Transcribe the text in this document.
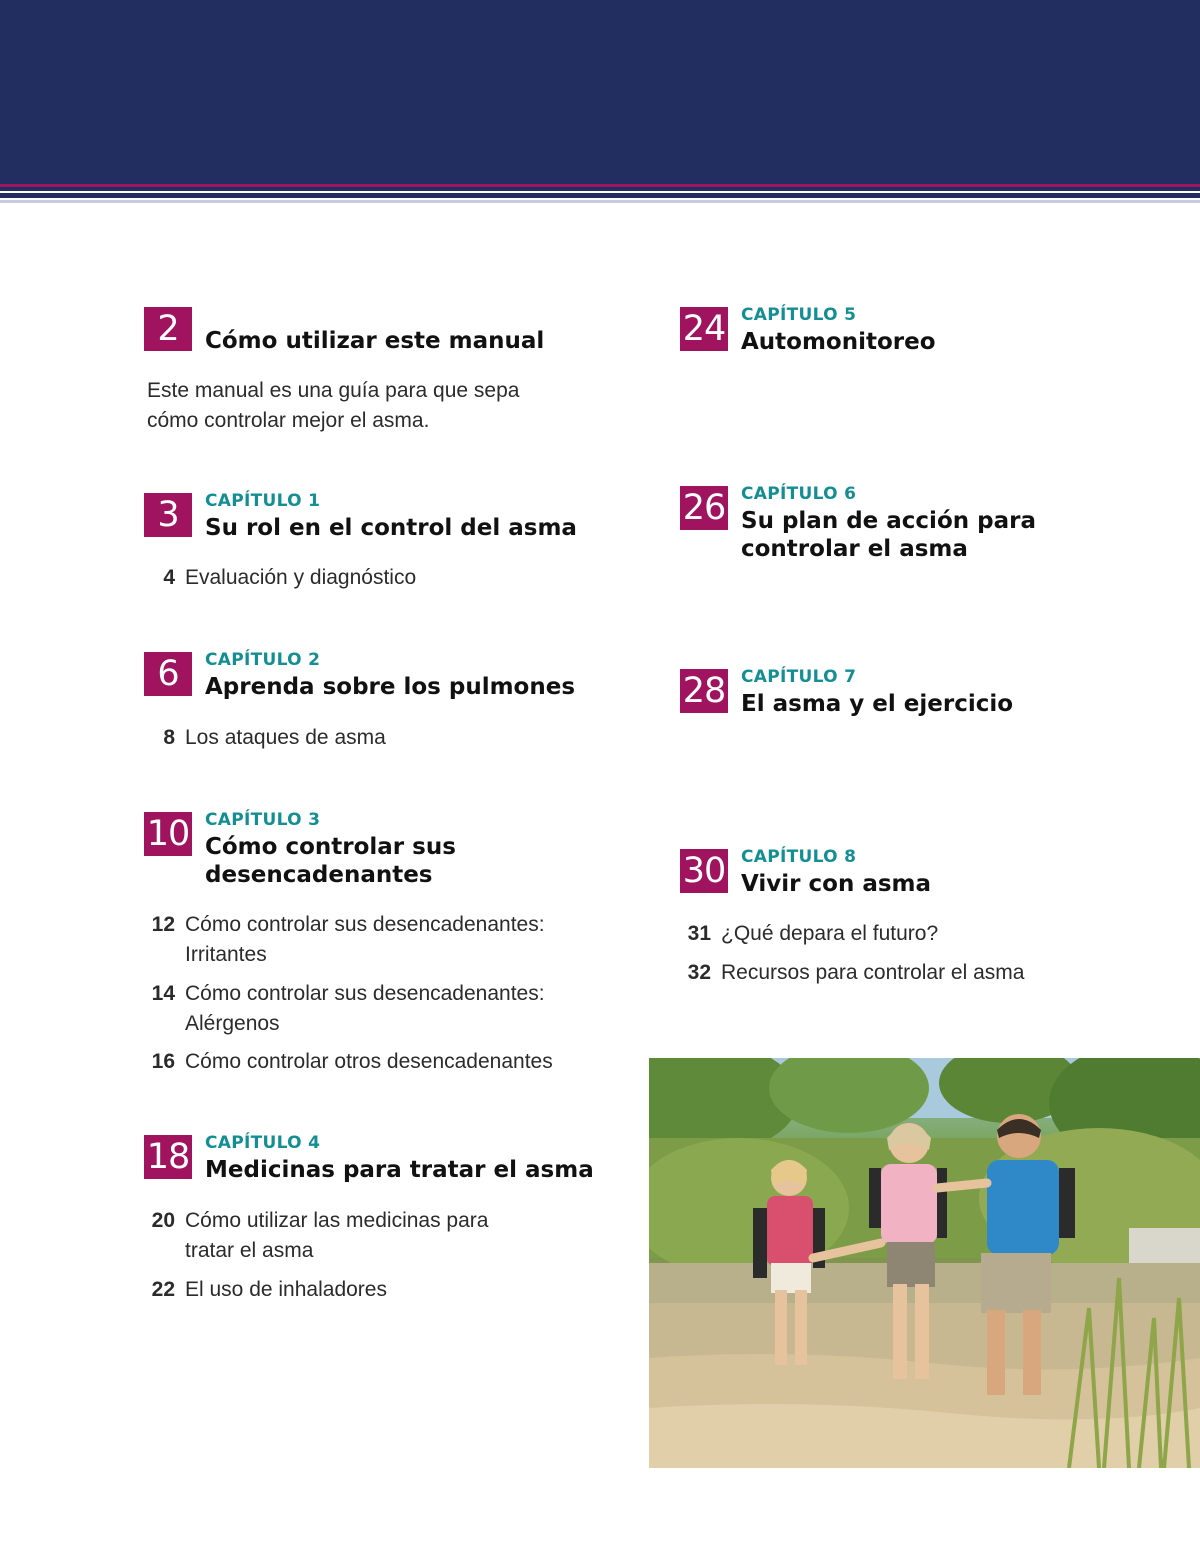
2	Cómo utilizar este manual
Este manual es una guía para que sepa
cómo controlar mejor el asma.
3	CAPÍTULO 1
Su rol en el control del asma
4 Evaluación y diagnóstico
6	CAPÍTULO 2
Aprenda sobre los pulmones
8 Los ataques de asma
10 CAPÍTULO 3
Cómo controlar sus
desencadenantes
12 Cómo controlar sus desencadenantes:
Irritantes
14 Cómo controlar sus desencadenantes:
Alérgenos
16 Cómo controlar otros desencadenantes
18 CAPÍTULO 4
Medicinas para tratar el asma
20 Cómo utilizar las medicinas para
tratar el asma
22 El uso de inhaladores
24 CAPÍTULO 5
Automonitoreo
26 CAPÍTULO 6
Su plan de acción para
controlar el asma
28 CAPÍTULO 7
El asma y el ejercicio
30 CAPÍTULO 8
Vivir con asma
31 ¿Qué depara el futuro?
32 Recursos para controlar el asma
